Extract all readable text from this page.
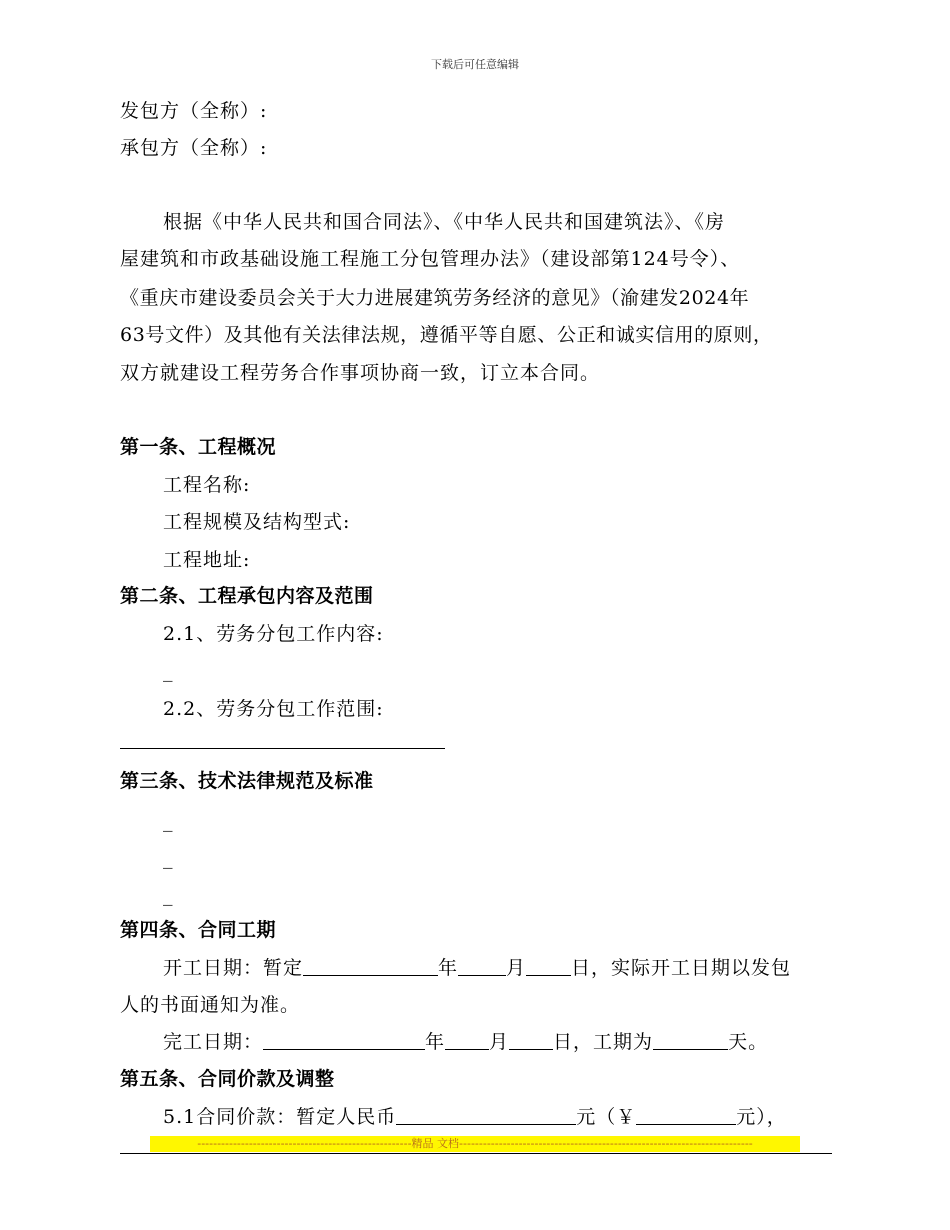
下载后可任意编辑
发包方（全称）:
承包方（全称）:
根据《中华人民共和国合同法》、《中华人民共和国建筑法》、《房
屋建筑和市政基础设施工程施工分包管理办法》（建设部第124号令）、
《重庆市建设委员会关于大力进展建筑劳务经济的意见》（渝建发2024年
63号文件）及其他有关法律法规，遵循平等自愿、公正和诚实信用的原则，
双方就建设工程劳务合作事项协商一致，订立本合同。
第一条、工程概况
工程名称:
工程规模及结构型式:
工程地址:
第二条、工程承包内容及范围
2.1、劳务分包工作内容:
_
2.2、劳务分包工作范围:
第三条、技术法律规范及标准
_
_
_
第四条、合同工期
开工日期：暂定	年	月 日，实际开工日期以发包
人的书面通知为准。
完工日期：	年 月 日，工期为	天。
第五条、合同价款及调整
5.1合同价款：暂定人民币	元（￥	元），
------------------------------------------------------精品 文档--------------------------------------------------------------------------
